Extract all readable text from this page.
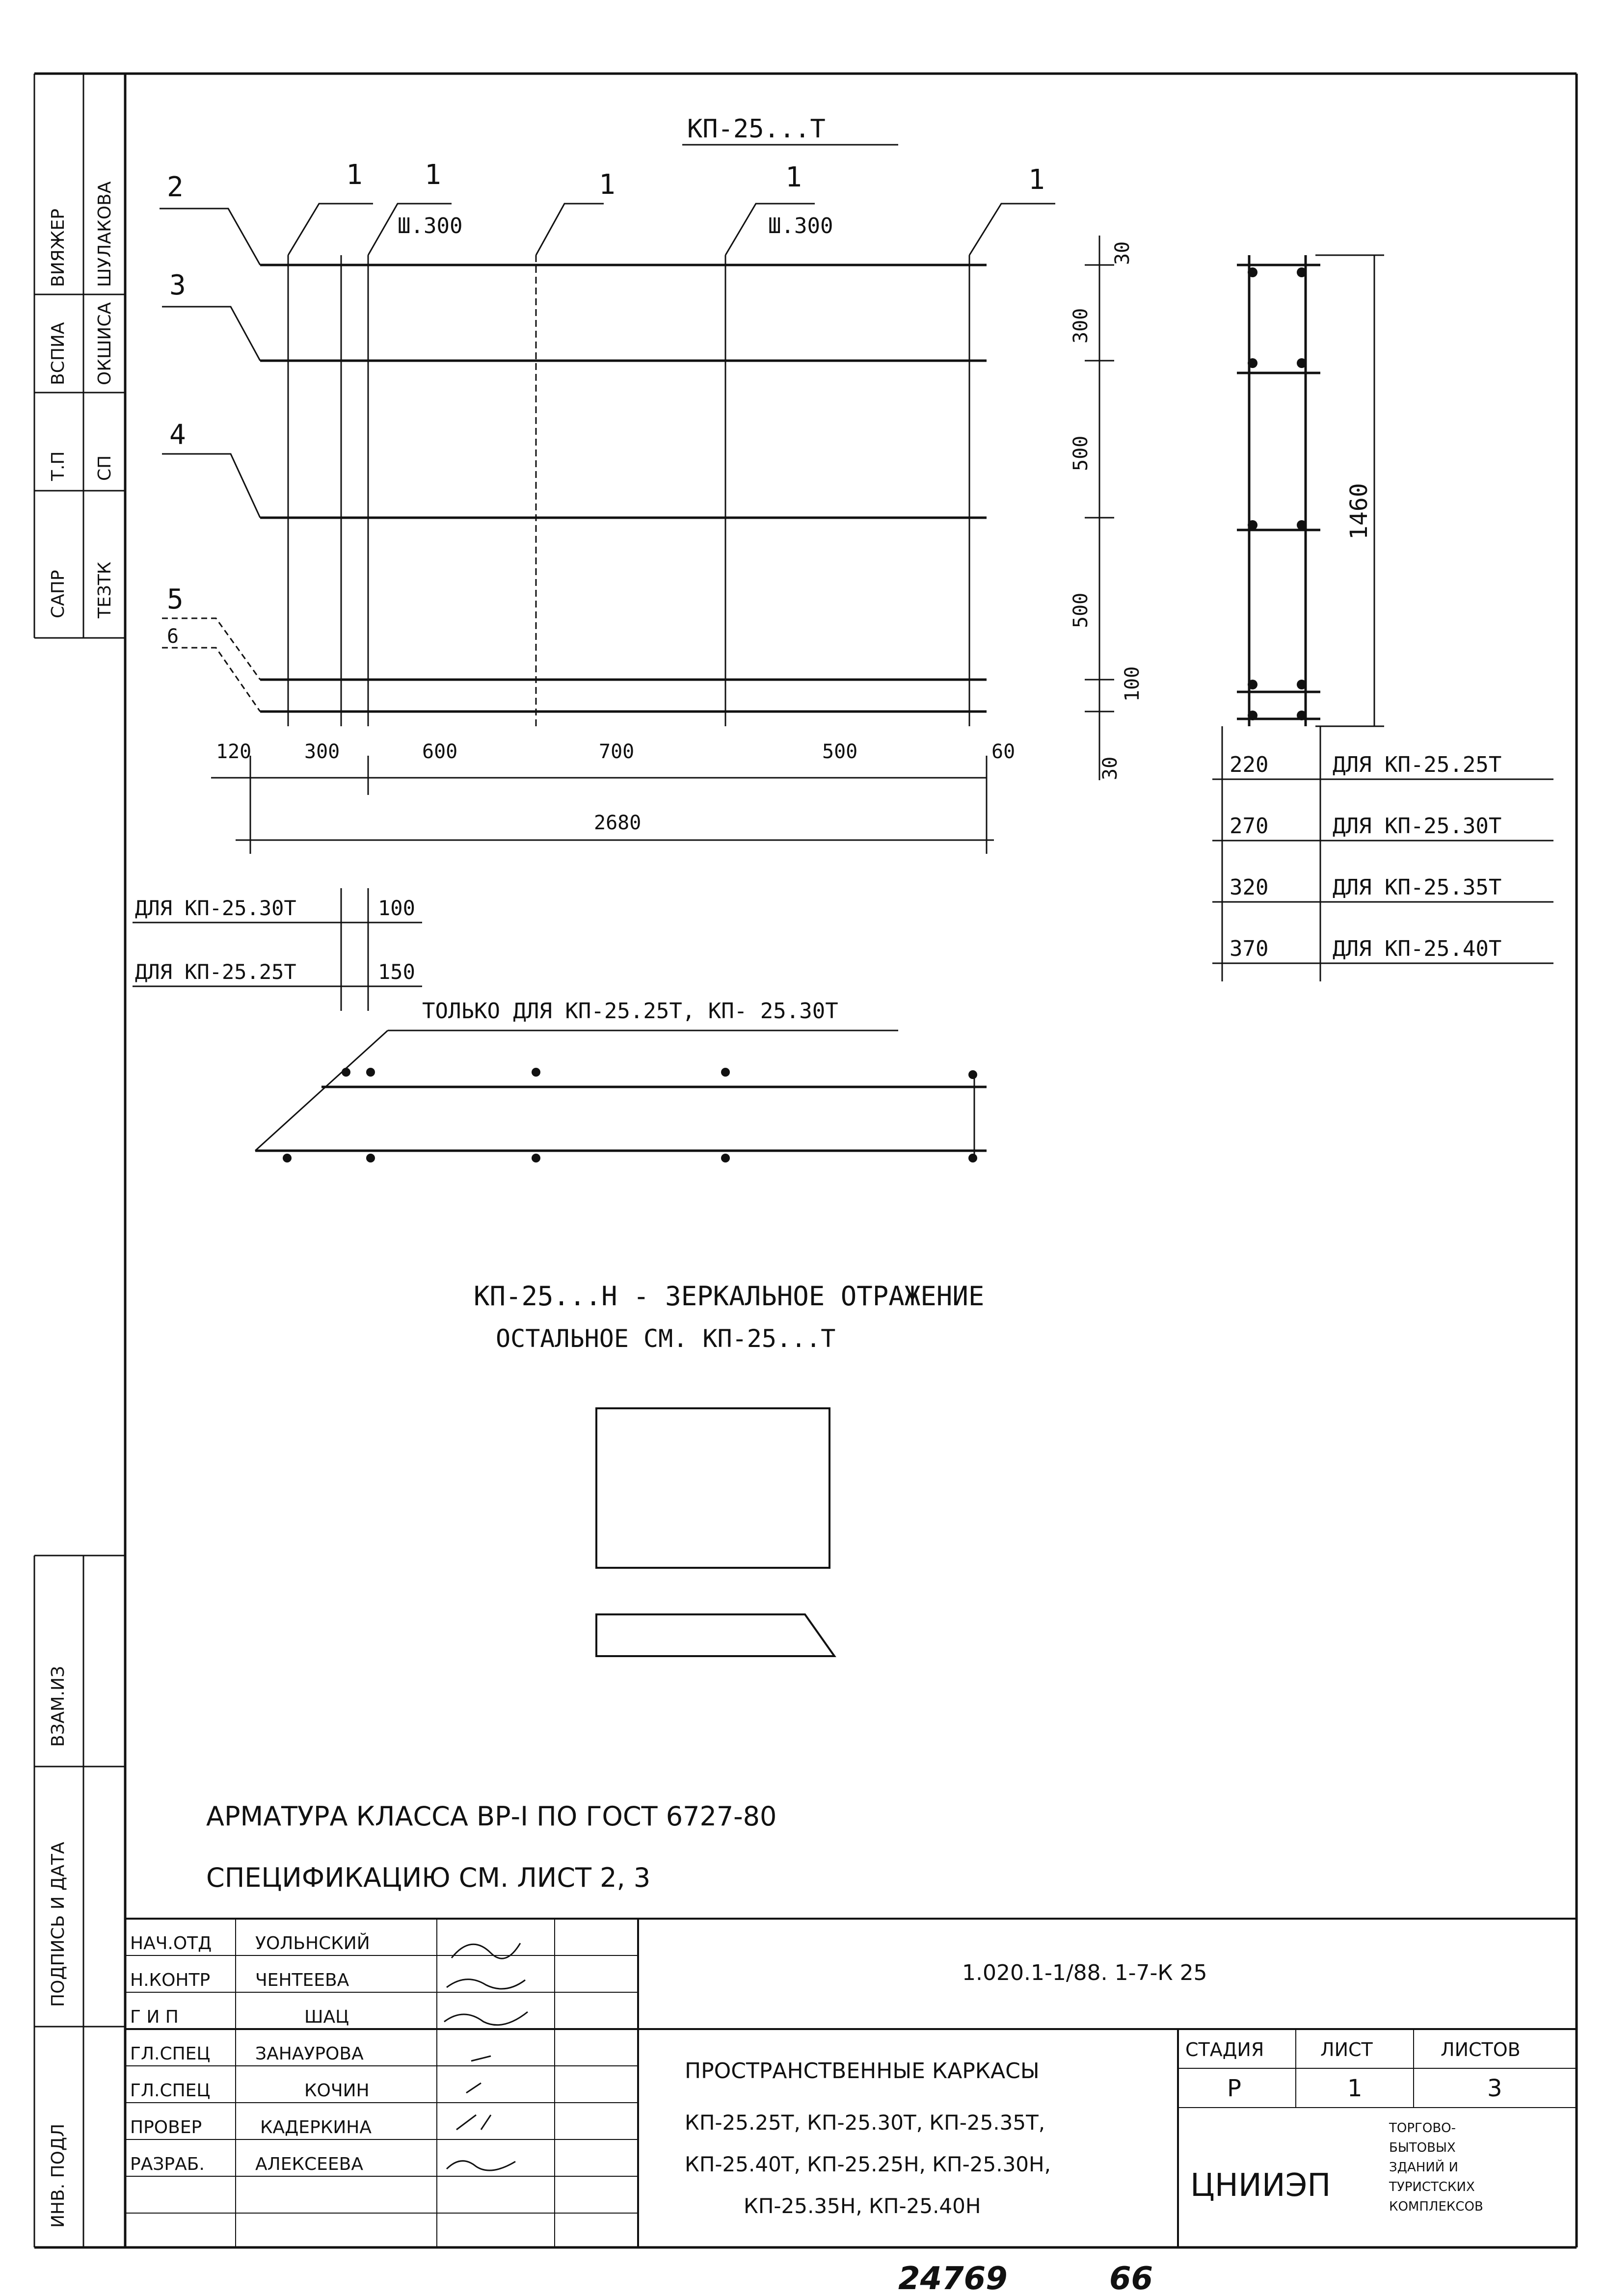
САПР ТЕЗТК
Т.П СП
ВСПИА ОКШИСА
ВИЯЖЕР ШУЛАКОВА
ВЗАМ.ИЗ
ПОДПИСЬ И ДАТА
ИНВ. ПОДЛ
КП-25...Т
2	1 1	1	1	1
3
4
5
6
Ш.300	Ш.300
120	300	600	700	500	60
2680
30
300
500
500
100
30
1460
220	ДЛЯ КП-25.25Т
270	ДЛЯ КП-25.30Т
320	ДЛЯ КП-25.35Т
370	ДЛЯ КП-25.40Т
ДЛЯ КП-25.30Т	100
ДЛЯ КП-25.25Т	150
ТОЛЬКО ДЛЯ КП-25.25Т, КП- 25.30Т
КП-25...Н - ЗЕРКАЛЬНОЕ ОТРАЖЕНИЕ
ОСТАЛЬНОЕ СМ. КП-25...Т
АРМАТУРА КЛАССА ВР-I ПО ГОСТ 6727-80
СПЕЦИФИКАЦИЮ СМ. ЛИСТ 2, 3
НАЧ.ОТД УОЛЬНСКИЙ
Н.КОНТР	ЧЕНТЕЕВА
Г И П	ШАЦ
ГЛ.СПЕЦ	ЗАНАУРОВА
ГЛ.СПЕЦ	КОЧИН
ПРОВЕР	КАДЕРКИНА
РАЗРАБ.	АЛЕКСЕЕВА
1.020.1-1/88. 1-7-К 25
ПРОСТРАНСТВЕННЫЕ КАРКАСЫ
КП-25.25Т, КП-25.30Т, КП-25.35Т,
КП-25.40Т, КП-25.25Н, КП-25.30Н,
КП-25.35Н, КП-25.40Н
СТАДИЯ	ЛИСТ	ЛИСТОВ
Р	1	3
ЦНИИЭП
ТОРГОВО-
БЫТОВЫХ
ЗДАНИЙ И
ТУРИСТСКИХ
КОМПЛЕКСОВ
24769	66
